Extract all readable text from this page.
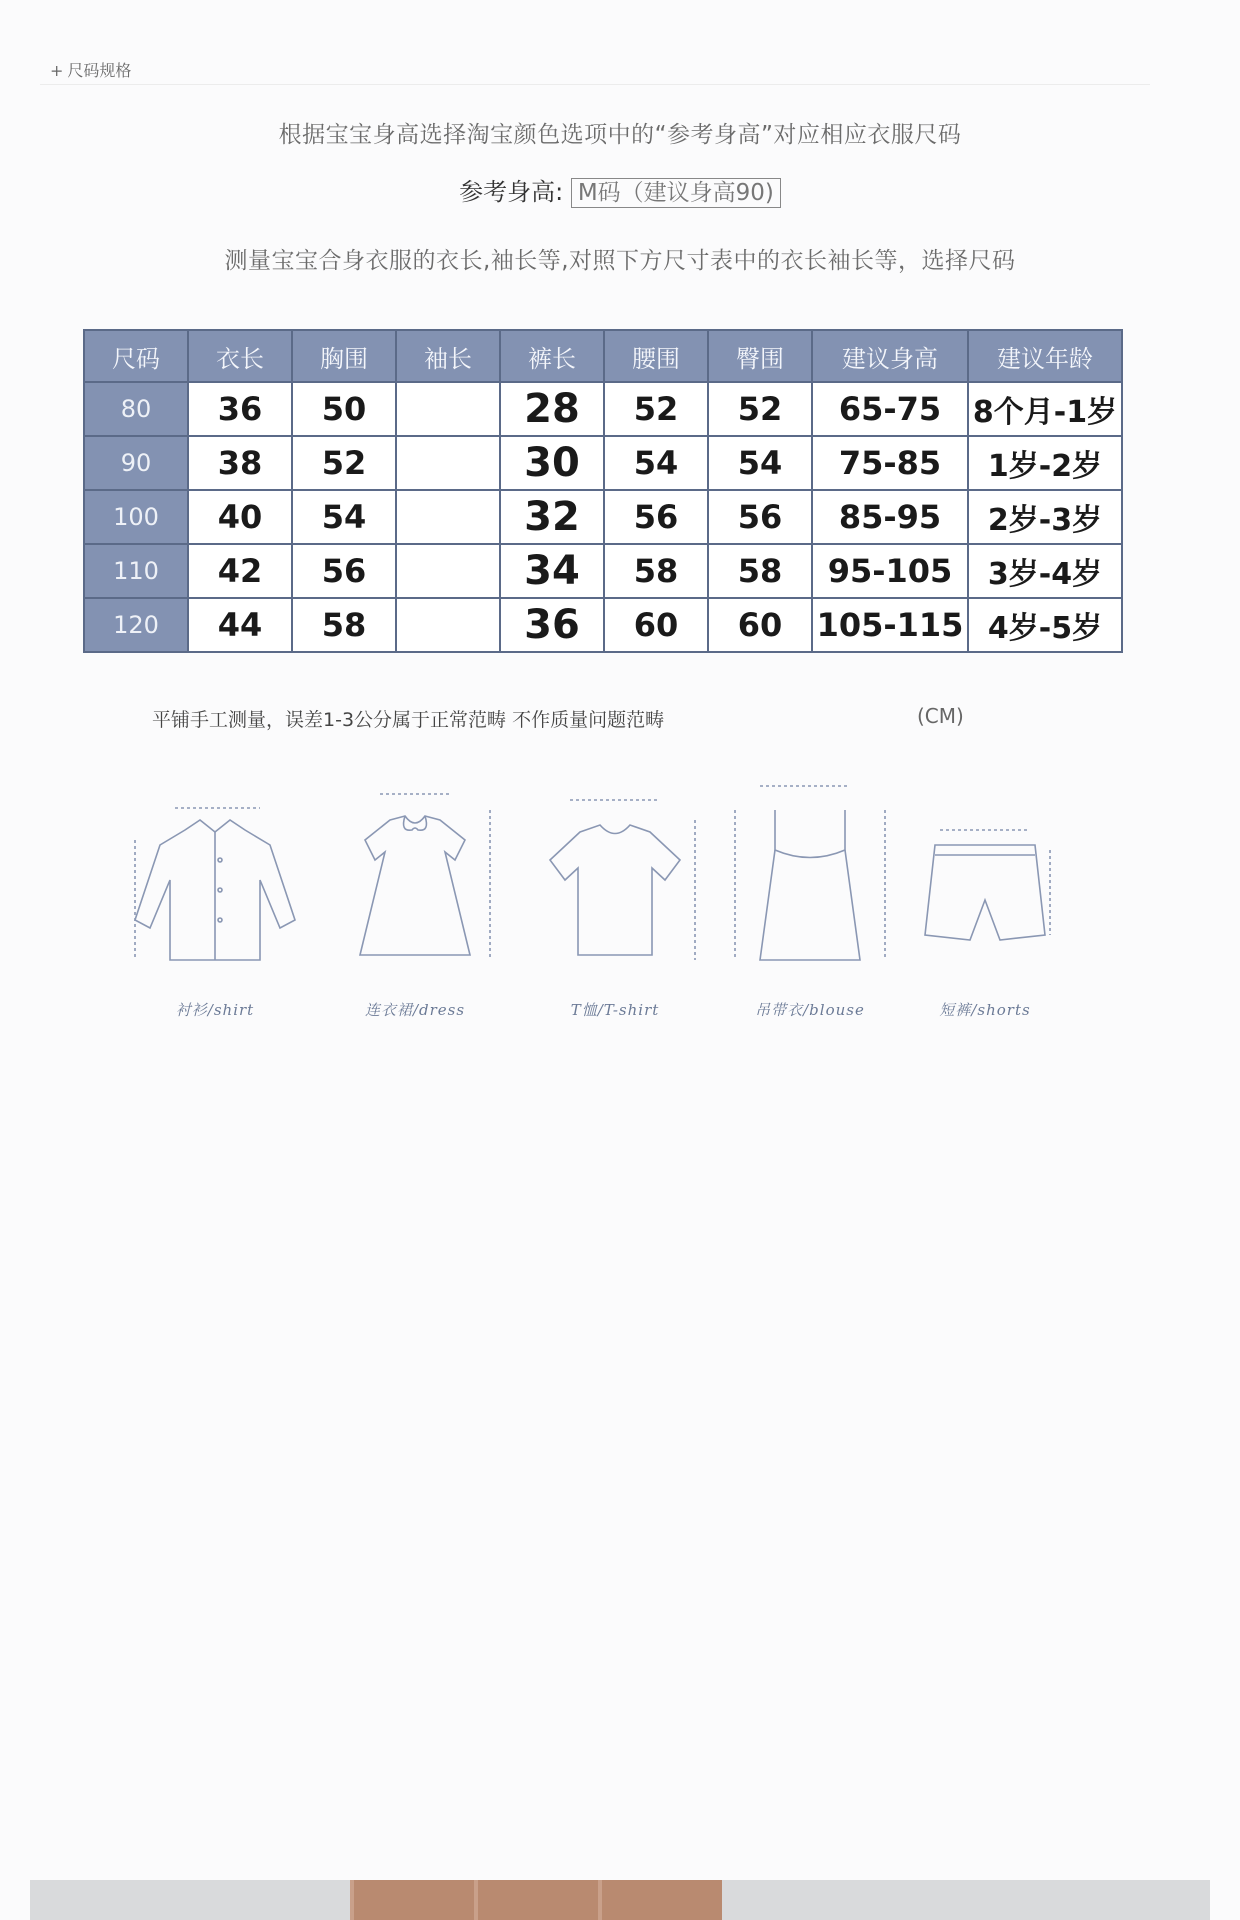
+ 尺码规格
根据宝宝身高选择淘宝颜色选项中的“参考身高”对应相应衣服尺码
参考身高: M码（建议身高90)
测量宝宝合身衣服的衣长,袖长等,对照下方尺寸表中的衣长袖长等，选择尺码
尺码	衣长	胸围	袖长	裤长	腰围	臀围	建议身高	建议年龄
80	36	50		28	52	52	65-75	8个月-1岁
90	38	52		30	54	54	75-85	1岁-2岁
100	40	54		32	56	56	85-95	2岁-3岁
110	42	56		34	58	58	95-105	3岁-4岁
120	44	58		36	60	60	105-115	4岁-5岁
平铺手工测量，误差1-3公分属于正常范畴 不作质量问题范畴	(CM)
衬衫/shirt	连衣裙/dress	T恤/T-shirt	吊带衣/blouse	短裤/shorts
